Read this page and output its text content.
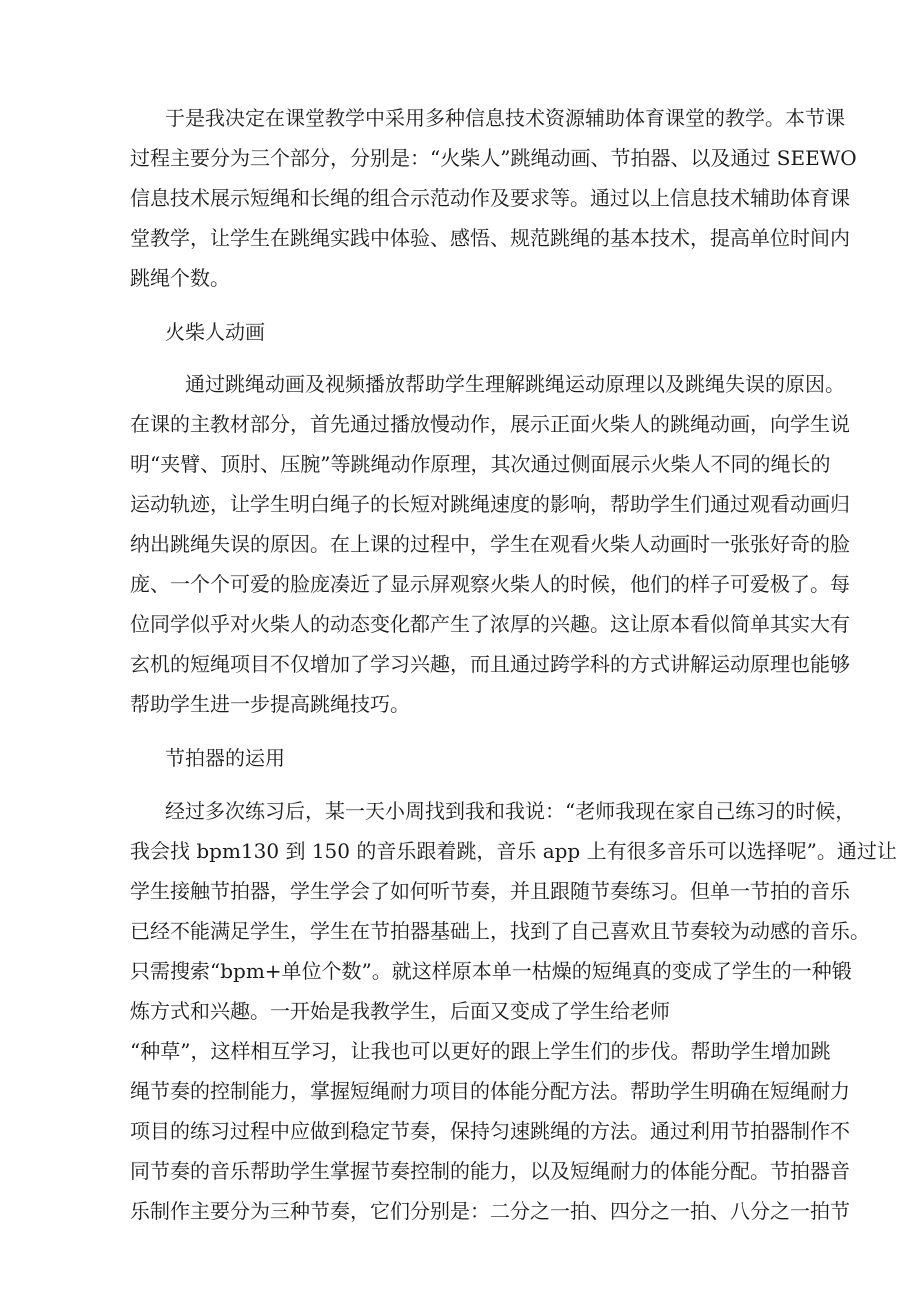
于是我决定在课堂教学中采用多种信息技术资源辅助体育课堂的教学。本节课
过程主要分为三个部分，分别是：“火柴人”跳绳动画、节拍器、以及通过 SEEWO
信息技术展示短绳和长绳的组合示范动作及要求等。通过以上信息技术辅助体育课
堂教学，让学生在跳绳实践中体验、感悟、规范跳绳的基本技术，提高单位时间内
跳绳个数。
火柴人动画
通过跳绳动画及视频播放帮助学生理解跳绳运动原理以及跳绳失误的原因。
在课的主教材部分，首先通过播放慢动作，展示正面火柴人的跳绳动画，向学生说
明“夹臂、顶肘、压腕”等跳绳动作原理，其次通过侧面展示火柴人不同的绳长的
运动轨迹，让学生明白绳子的长短对跳绳速度的影响，帮助学生们通过观看动画归
纳出跳绳失误的原因。在上课的过程中，学生在观看火柴人动画时一张张好奇的脸
庞、一个个可爱的脸庞凑近了显示屏观察火柴人的时候，他们的样子可爱极了。每
位同学似乎对火柴人的动态变化都产生了浓厚的兴趣。这让原本看似简单其实大有
玄机的短绳项目不仅增加了学习兴趣，而且通过跨学科的方式讲解运动原理也能够
帮助学生进一步提高跳绳技巧。
节拍器的运用
经过多次练习后，某一天小周找到我和我说：“老师我现在家自己练习的时候，
我会找 bpm130 到 150 的音乐跟着跳，音乐 app 上有很多音乐可以选择呢”。通过让
学生接触节拍器，学生学会了如何听节奏，并且跟随节奏练习。但单一节拍的音乐
已经不能满足学生，学生在节拍器基础上，找到了自己喜欢且节奏较为动感的音乐。
只需搜索“bpm+单位个数”。就这样原本单一枯燥的短绳真的变成了学生的一种锻
炼方式和兴趣。一开始是我教学生，后面又变成了学生给老师
“种草”，这样相互学习，让我也可以更好的跟上学生们的步伐。帮助学生增加跳
绳节奏的控制能力，掌握短绳耐力项目的体能分配方法。帮助学生明确在短绳耐力
项目的练习过程中应做到稳定节奏，保持匀速跳绳的方法。通过利用节拍器制作不
同节奏的音乐帮助学生掌握节奏控制的能力，以及短绳耐力的体能分配。节拍器音
乐制作主要分为三种节奏，它们分别是：二分之一拍、四分之一拍、八分之一拍节
